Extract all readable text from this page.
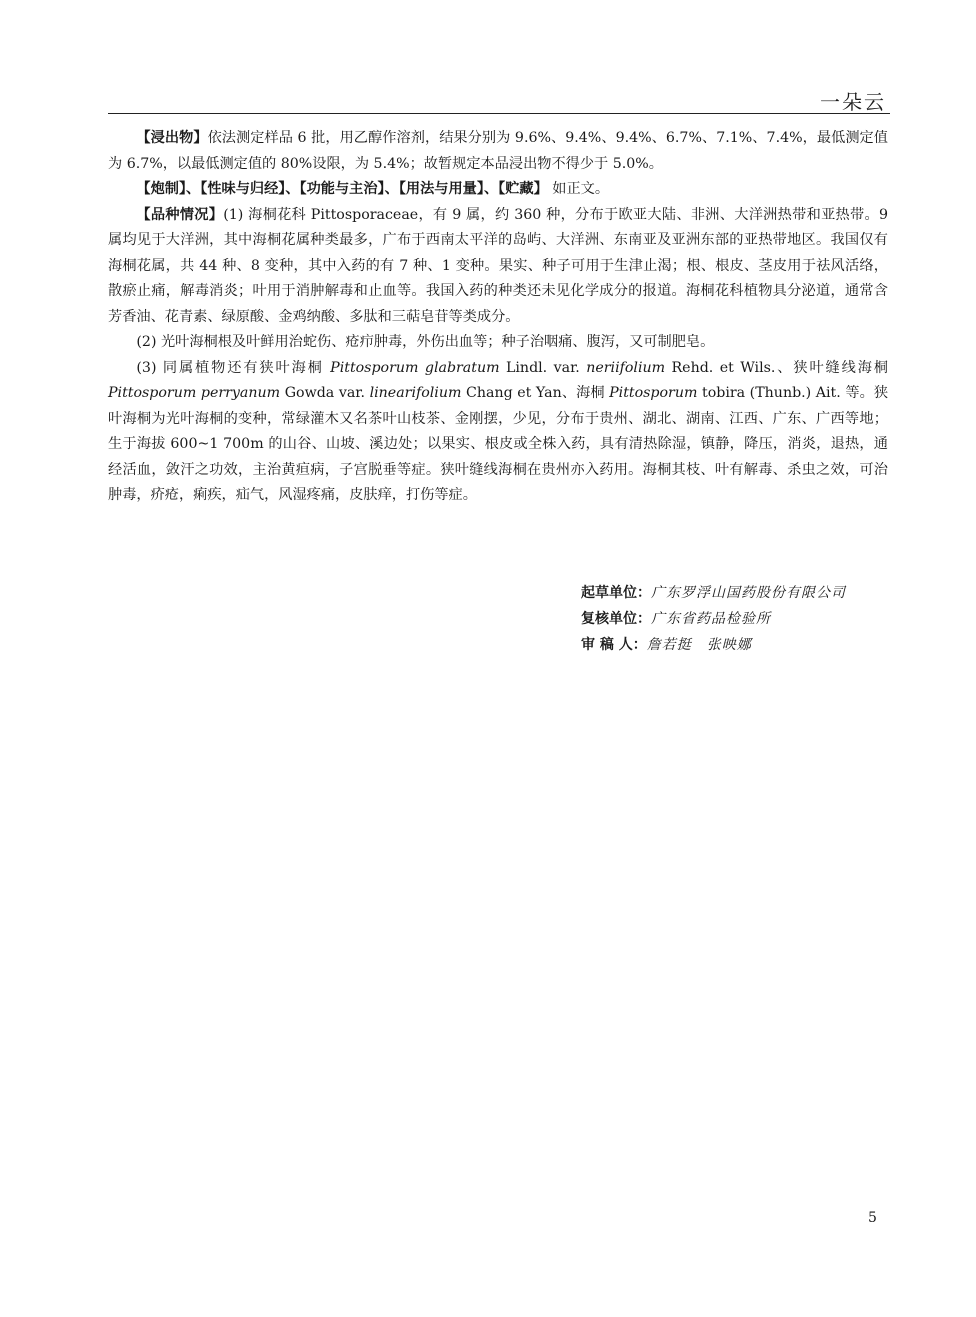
一朵云

【浸出物】依法测定样品 6 批，用乙醇作溶剂，结果分别为 9.6%、9.4%、9.4%、6.7%、7.1%、7.4%，最低测定值为 6.7%，以最低测定值的 80%设限，为 5.4%；故暂规定本品浸出物不得少于 5.0%。

【炮制】、【性味与归经】、【功能与主治】、【用法与用量】、【贮藏】 如正文。

【品种情况】(1) 海桐花科 Pittosporaceae，有 9 属，约 360 种，分布于欧亚大陆、非洲、大洋洲热带和亚热带。9 属均见于大洋洲，其中海桐花属种类最多，广布于西南太平洋的岛屿、大洋洲、东南亚及亚洲东部的亚热带地区。我国仅有海桐花属，共 44 种、8 变种，其中入药的有 7 种、1 变种。果实、种子可用于生津止渴；根、根皮、茎皮用于祛风活络，散瘀止痛，解毒消炎；叶用于消肿解毒和止血等。我国入药的种类还未见化学成分的报道。海桐花科植物具分泌道，通常含芳香油、花青素、绿原酸、金鸡纳酸、多肽和三萜皂苷等类成分。

(2) 光叶海桐根及叶鲜用治蛇伤、疮疖肿毒，外伤出血等；种子治咽痛、腹泻，又可制肥皂。

(3) 同属植物还有狭叶海桐 Pittosporum glabratum Lindl. var. neriifolium Rehd. et Wils.、狭叶缝线海桐 Pittosporum perryanum Gowda var. linearifolium Chang et Yan、海桐 Pittosporum tobira (Thunb.) Ait. 等。狭叶海桐为光叶海桐的变种，常绿灌木又名茶叶山枝茶、金刚摆，少见，分布于贵州、湖北、湖南、江西、广东、广西等地；生于海拔 600~1 700m 的山谷、山坡、溪边处；以果实、根皮或全株入药，具有清热除湿，镇静，降压，消炎，退热，通经活血，敛汗之功效，主治黄疸病，子宫脱垂等症。狭叶缝线海桐在贵州亦入药用。海桐其枝、叶有解毒、杀虫之效，可治肿毒，疥疮，痢疾，疝气，风湿疼痛，皮肤痒，打伤等症。

起草单位：广东罗浮山国药股份有限公司
复核单位：广东省药品检验所
审 稿 人：詹若挺　张映娜
5
